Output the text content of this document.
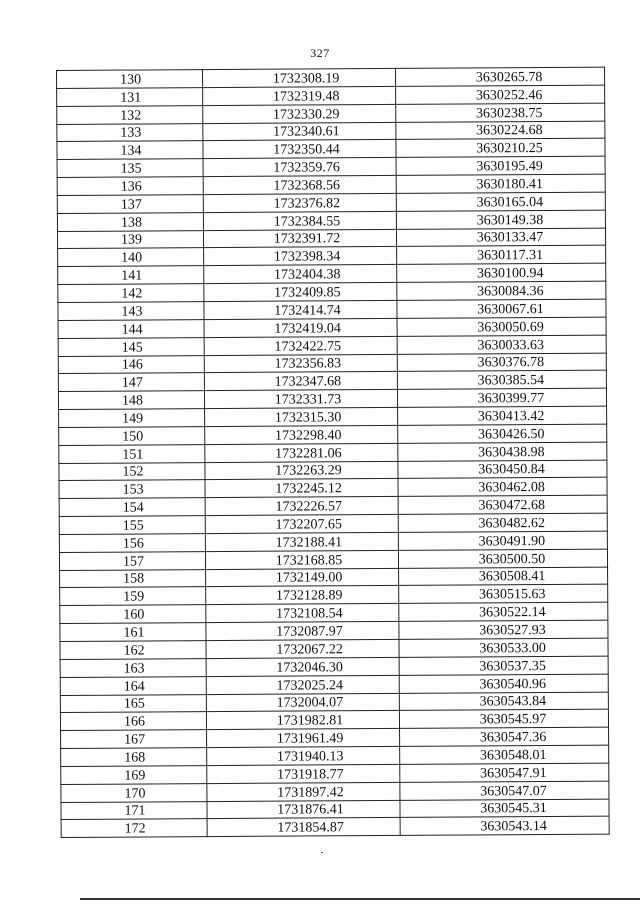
327
130	1732308.19	3630265.78
131	1732319.48	3630252.46
132	1732330.29	3630238.75
133	1732340.61	3630224.68
134	1732350.44	3630210.25
135	1732359.76	3630195.49
136	1732368.56	3630180.41
137	1732376.82	3630165.04
138	1732384.55	3630149.38
139	1732391.72	3630133.47
140	1732398.34	3630117.31
141	1732404.38	3630100.94
142	1732409.85	3630084.36
143	1732414.74	3630067.61
144	1732419.04	3630050.69
145	1732422.75	3630033.63
146	1732356.83	3630376.78
147	1732347.68	3630385.54
148	1732331.73	3630399.77
149	1732315.30	3630413.42
150	1732298.40	3630426.50
151	1732281.06	3630438.98
152	1732263.29	3630450.84
153	1732245.12	3630462.08
154	1732226.57	3630472.68
155	1732207.65	3630482.62
156	1732188.41	3630491.90
157	1732168.85	3630500.50
158	1732149.00	3630508.41
159	1732128.89	3630515.63
160	1732108.54	3630522.14
161	1732087.97	3630527.93
162	1732067.22	3630533.00
163	1732046.30	3630537.35
164	1732025.24	3630540.96
165	1732004.07	3630543.84
166	1731982.81	3630545.97
167	1731961.49	3630547.36
168	1731940.13	3630548.01
169	1731918.77	3630547.91
170	1731897.42	3630547.07
171	1731876.41	3630545.31
172	1731854.87	3630543.14
